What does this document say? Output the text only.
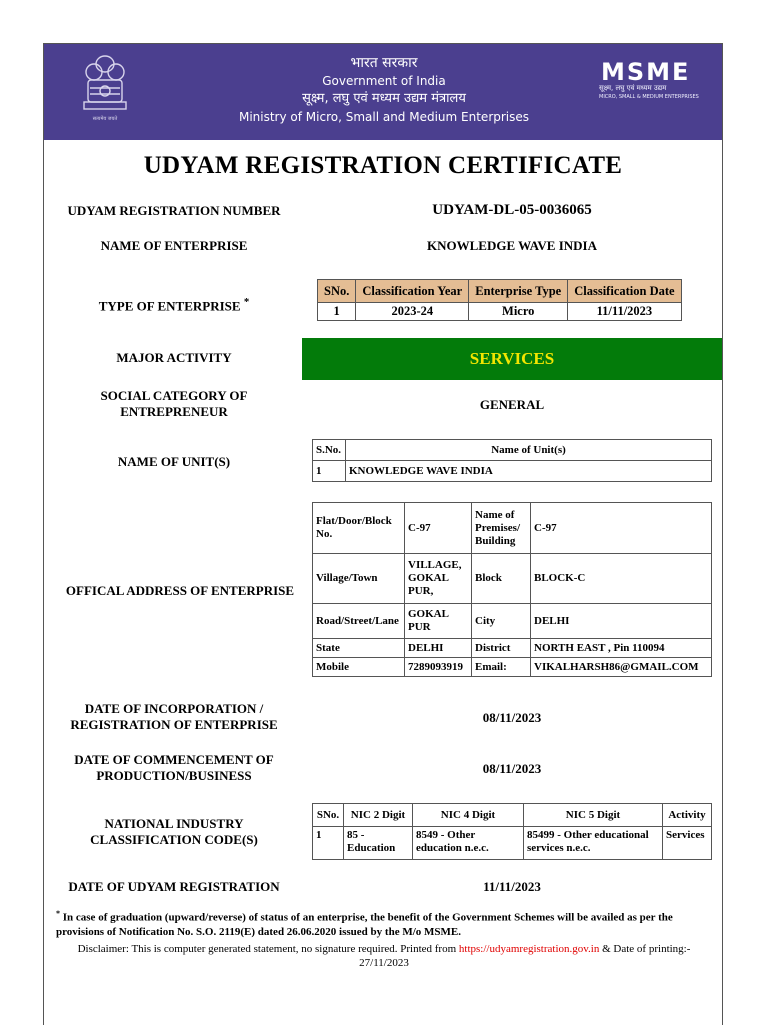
सत्यमेव जयते
भारत सरकार
Government of India
सूक्ष्म, लघु एवं मध्यम उद्यम मंत्रालय
Ministry of Micro, Small and Medium Enterprises
MSME
सूक्ष्म, लघु एवं मध्यम उद्यम
MICRO, SMALL & MEDIUM ENTERPRISES
UDYAM REGISTRATION CERTIFICATE
UDYAM REGISTRATION NUMBER	UDYAM-DL-05-0036065
NAME OF ENTERPRISE	KNOWLEDGE WAVE INDIA
TYPE OF ENTERPRISE *
SNo.	Classification Year	Enterprise Type	Classification Date
1	2023-24	Micro	11/11/2023
MAJOR ACTIVITY	SERVICES
SOCIAL CATEGORY OF ENTREPRENEUR	GENERAL
NAME OF UNIT(S)
S.No.	Name of Unit(s)
1	KNOWLEDGE WAVE INDIA
OFFICAL ADDRESS OF ENTERPRISE
Flat/Door/Block No.	C-97	Name of Premises/ Building	C-97
Village/Town	VILLAGE, GOKAL PUR,	Block	BLOCK-C
Road/Street/Lane	GOKAL PUR	City	DELHI
State	DELHI	District	NORTH EAST , Pin 110094
Mobile	7289093919	Email:	VIKALHARSH86@GMAIL.COM
DATE OF INCORPORATION / REGISTRATION OF ENTERPRISE	08/11/2023
DATE OF COMMENCEMENT OF PRODUCTION/BUSINESS	08/11/2023
NATIONAL INDUSTRY CLASSIFICATION CODE(S)
SNo.	NIC 2 Digit	NIC 4 Digit	NIC 5 Digit	Activity
1	85 - Education	8549 - Other education n.e.c.	85499 - Other educational services n.e.c.	Services
DATE OF UDYAM REGISTRATION	11/11/2023
* In case of graduation (upward/reverse) of status of an enterprise, the benefit of the Government Schemes will be availed as per the provisions of Notification No. S.O. 2119(E) dated 26.06.2020 issued by the M/o MSME.
Disclaimer: This is computer generated statement, no signature required. Printed from https://udyamregistration.gov.in & Date of printing:- 27/11/2023
